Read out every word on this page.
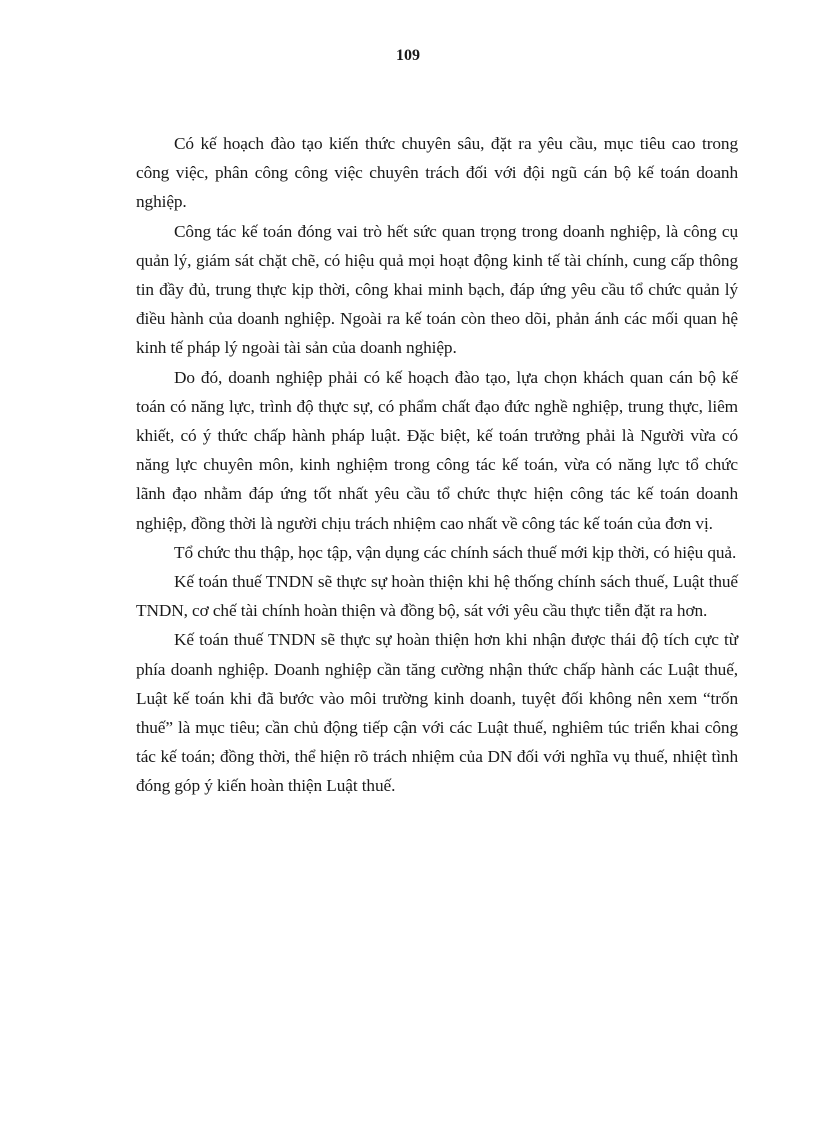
109

Có kế hoạch đào tạo kiến thức chuyên sâu, đặt ra yêu cầu, mục tiêu cao trong công việc, phân công công việc chuyên trách đối với đội ngũ cán bộ kế toán doanh nghiệp.

Công tác kế toán đóng vai trò hết sức quan trọng trong doanh nghiệp, là công cụ quản lý, giám sát chặt chẽ, có hiệu quả mọi hoạt động kinh tế tài chính, cung cấp thông tin đầy đủ, trung thực kịp thời, công khai minh bạch, đáp ứng yêu cầu tổ chức quản lý điều hành của doanh nghiệp. Ngoài ra kế toán còn theo dõi, phản ánh các mối quan hệ kinh tế pháp lý ngoài tài sản của doanh nghiệp.

Do đó, doanh nghiệp phải có kế hoạch đào tạo, lựa chọn khách quan cán bộ kế toán có năng lực, trình độ thực sự, có phẩm chất đạo đức nghề nghiệp, trung thực, liêm khiết, có ý thức chấp hành pháp luật. Đặc biệt, kế toán trưởng phải là Người vừa có năng lực chuyên môn, kinh nghiệm trong công tác kế toán, vừa có năng lực tổ chức lãnh đạo nhằm đáp ứng tốt nhất yêu cầu tổ chức thực hiện công tác kế toán doanh nghiệp, đồng thời là người chịu trách nhiệm cao nhất về công tác kế toán của đơn vị.

Tổ chức thu thập, học tập, vận dụng các chính sách thuế mới kịp thời, có hiệu quả.

Kế toán thuế TNDN sẽ thực sự hoàn thiện khi hệ thống chính sách thuế, Luật thuế TNDN, cơ chế tài chính hoàn thiện và đồng bộ, sát với yêu cầu thực tiễn đặt ra hơn.

Kế toán thuế TNDN sẽ thực sự hoàn thiện hơn khi nhận được thái độ tích cực từ phía doanh nghiệp. Doanh nghiệp cần tăng cường nhận thức chấp hành các Luật thuế, Luật kế toán khi đã bước vào môi trường kinh doanh, tuyệt đối không nên xem “trốn thuế” là mục tiêu; cần chủ động tiếp cận với các Luật thuế, nghiêm túc triển khai công tác kế toán; đồng thời, thể hiện rõ trách nhiệm của DN đối với nghĩa vụ thuế, nhiệt tình đóng góp ý kiến hoàn thiện Luật thuế.
